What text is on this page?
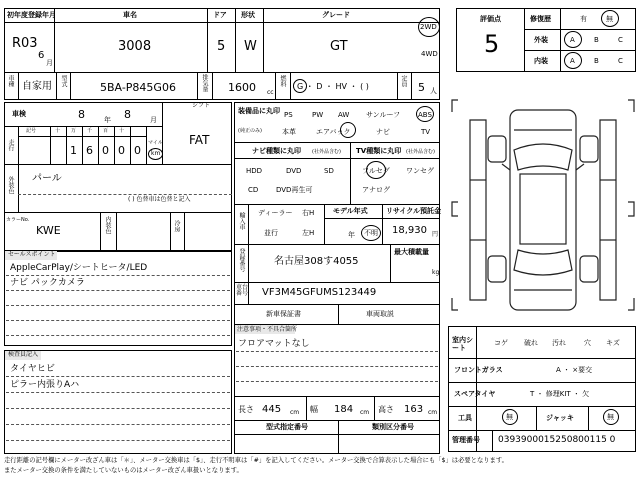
初年度登録年月	車名	ドア 形状	グレード
R03
6
月
3008	5 W	GT
2WD
4WD
車種 自家用 型式	5BA-P845G06	排気量 1600 cc
燃料 G ・ D ・ HV ・ ( )	定員 5 人
車検	8	年 8	月
シフト
FAT
走行
記号	十 万 千 百 十
1 6 0 0 0
マイル
km
外装色 パール
( ) 色替車は色替と記入
カラーNo.
KWE	内装色	冷房
セールスポイント
AppleCarPlay/シートヒータ/LED
ナビ パックカメラ
検査員記入
タイヤヒビ
ピラー内張りAハ
装備品に丸印
(純正のみ)
PS	PW AW サンルーフ	ABS
本革	エアバック	ナビ	TV
ナビ種類に丸印 (社外品含む) TV種類に丸印 (社外品含む)
HDD	DVD	SD
CD	DVD再生可
フルセグ ワンセグ
アナログ
輸入車 ディーラー
並行
右H
左H
モデル年式
年 不明
リサイクル預託金
18,930 円
登録番号	名古屋308す4055
最大積載量
kg
車台番号 VF3M45GFUMS123449
新車保証書	車両取説
注意事項・不具合箇所
フロアマットなし
長さ 445 cm 幅 184 cm 高さ 163 cm
型式指定番号	類別区分番号
評価点
5
修復歴	有	無
外装	A	B	C
内装	A	B	C
室内シート
コゲ 破れ 汚れ	穴 キズ
フロントガラス	A ・ ×要交
スペアタイヤ	T ・ 修理KIT ・ 欠
工具	無	ジャッキ	無
管理番号 0393900015250800115 0
走行距離の記号欄にメーター改ざん車は「＊」、メーター交換車は「$」、走行不明車は「#」を記入してください。メーター交換で合算表示した場合にも「$」は必要となります。
またメーター交換の条件を満たしていないものはメーター改ざん車扱いとなります。
